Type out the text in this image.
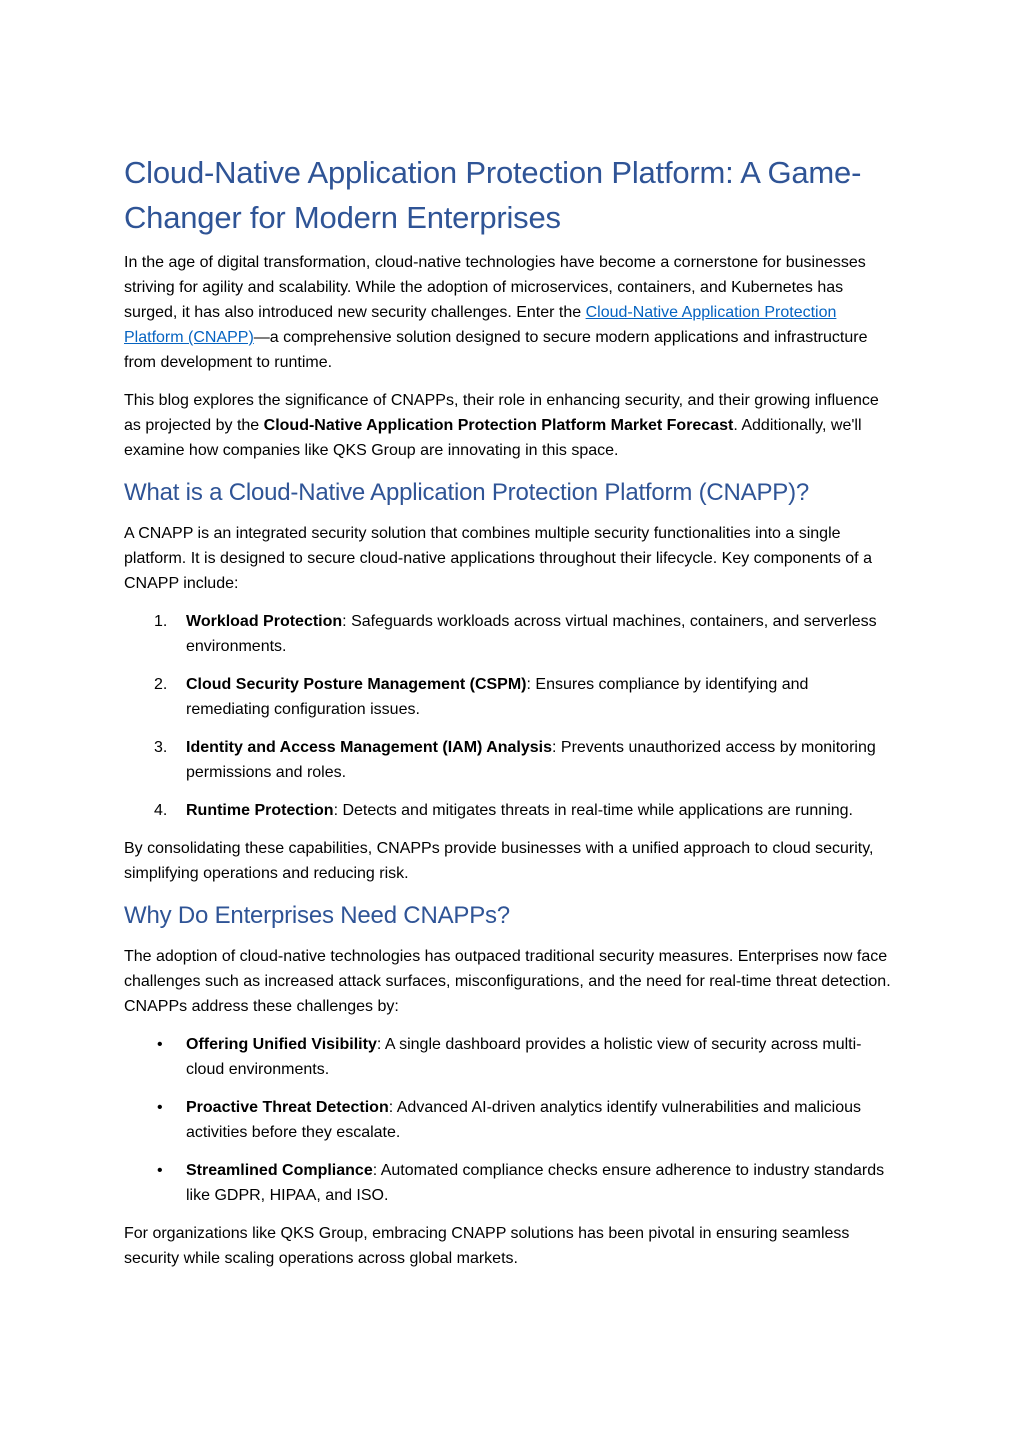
Cloud-Native Application Protection Platform: A Game-Changer for Modern Enterprises

In the age of digital transformation, cloud-native technologies have become a cornerstone for businesses striving for agility and scalability. While the adoption of microservices, containers, and Kubernetes has surged, it has also introduced new security challenges. Enter the Cloud-Native Application Protection Platform (CNAPP)—a comprehensive solution designed to secure modern applications and infrastructure from development to runtime.

This blog explores the significance of CNAPPs, their role in enhancing security, and their growing influence as projected by the Cloud-Native Application Protection Platform Market Forecast. Additionally, we'll examine how companies like QKS Group are innovating in this space.

What is a Cloud-Native Application Protection Platform (CNAPP)?

A CNAPP is an integrated security solution that combines multiple security functionalities into a single platform. It is designed to secure cloud-native applications throughout their lifecycle. Key components of a CNAPP include:

1.	Workload Protection: Safeguards workloads across virtual machines, containers, and serverless environments.
2.	Cloud Security Posture Management (CSPM): Ensures compliance by identifying and remediating configuration issues.
3.	Identity and Access Management (IAM) Analysis: Prevents unauthorized access by monitoring permissions and roles.
4.	Runtime Protection: Detects and mitigates threats in real-time while applications are running.

By consolidating these capabilities, CNAPPs provide businesses with a unified approach to cloud security, simplifying operations and reducing risk.

Why Do Enterprises Need CNAPPs?

The adoption of cloud-native technologies has outpaced traditional security measures. Enterprises now face challenges such as increased attack surfaces, misconfigurations, and the need for real-time threat detection. CNAPPs address these challenges by:

• Offering Unified Visibility: A single dashboard provides a holistic view of security across multi-cloud environments.
• Proactive Threat Detection: Advanced AI-driven analytics identify vulnerabilities and malicious activities before they escalate.
• Streamlined Compliance: Automated compliance checks ensure adherence to industry standards like GDPR, HIPAA, and ISO.

For organizations like QKS Group, embracing CNAPP solutions has been pivotal in ensuring seamless security while scaling operations across global markets.
